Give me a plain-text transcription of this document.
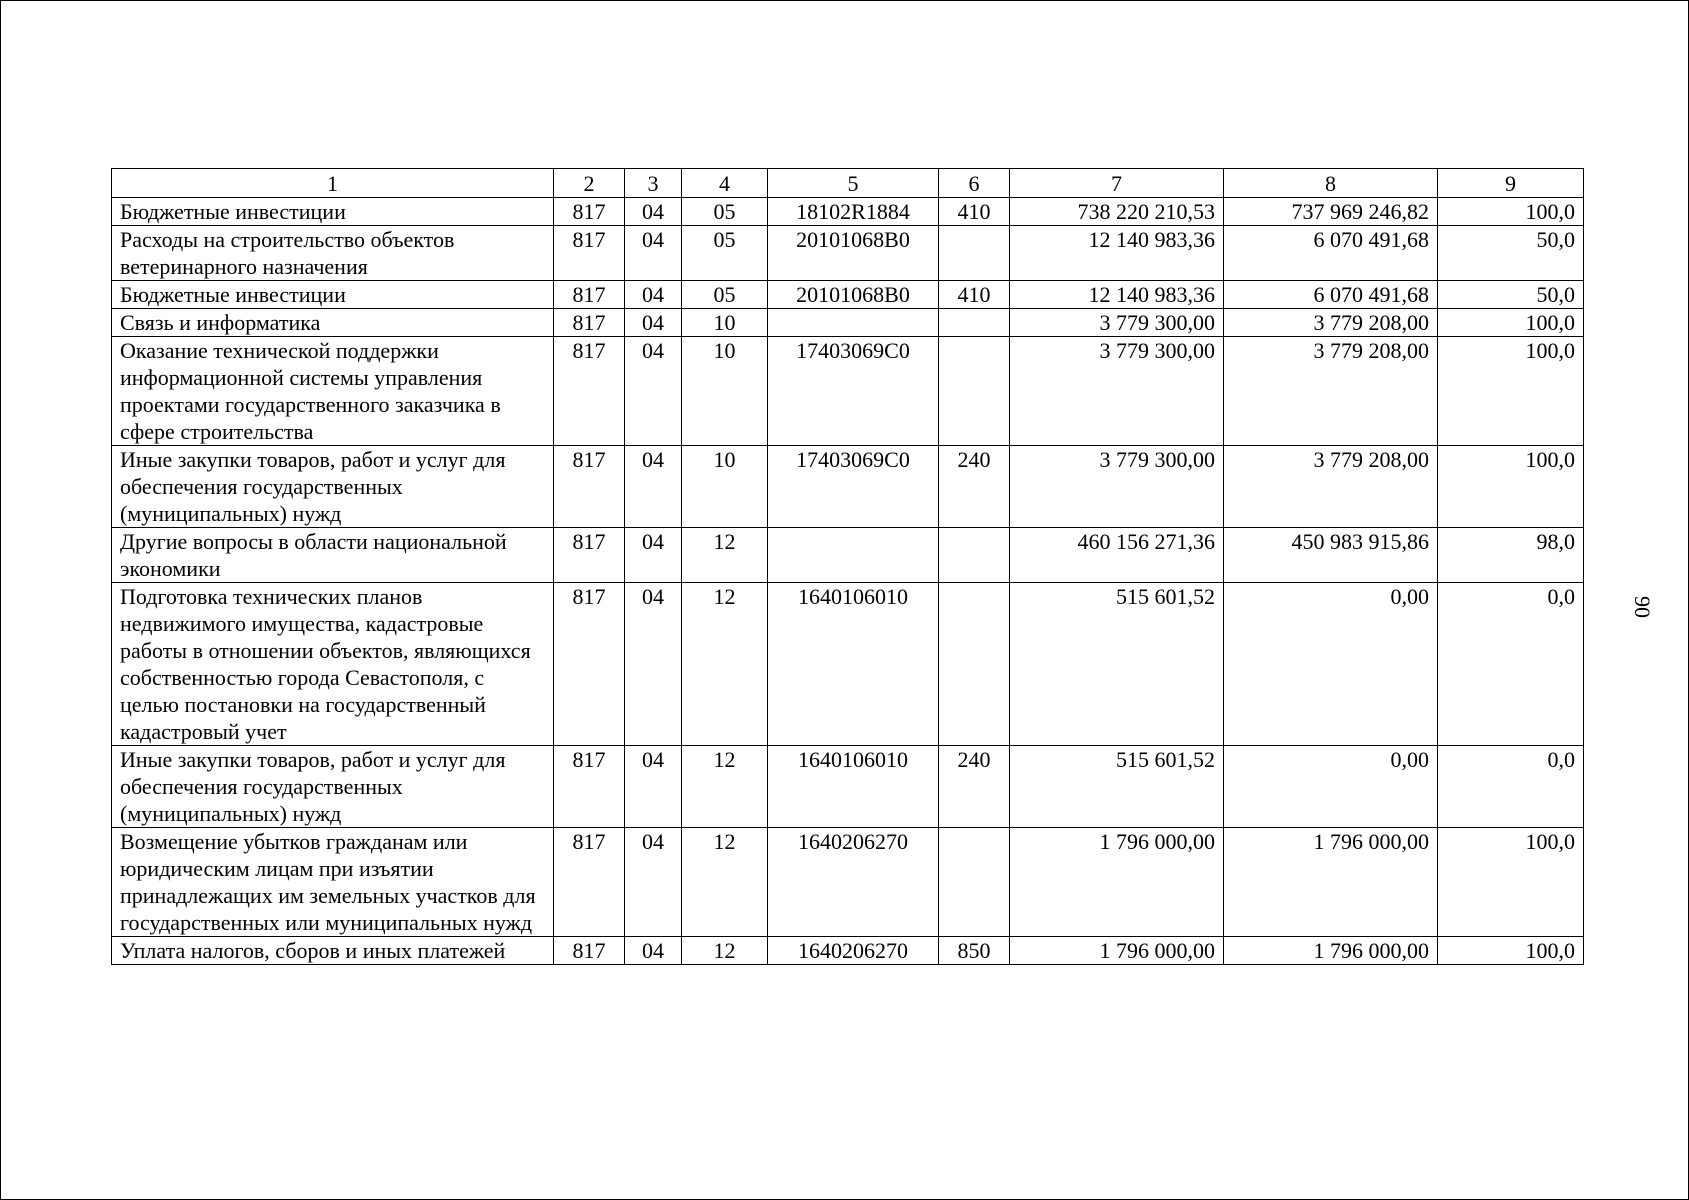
1	2	3	4	5	6	7	8	9
Бюджетные инвестиции	817	04	05	18102R1884	410	738 220 210,53	737 969 246,82	100,0
Расходы на строительство объектов ветеринарного назначения	817	04	05	20101068В0		12 140 983,36	6 070 491,68	50,0
Бюджетные инвестиции	817	04	05	20101068В0	410	12 140 983,36	6 070 491,68	50,0
Связь и информатика	817	04	10			3 779 300,00	3 779 208,00	100,0
Оказание технической поддержки информационной системы управления проектами государственного заказчика в сфере строительства	817	04	10	17403069С0		3 779 300,00	3 779 208,00	100,0
Иные закупки товаров, работ и услуг для обеспечения государственных (муниципальных) нужд	817	04	10	17403069С0	240	3 779 300,00	3 779 208,00	100,0
Другие вопросы в области национальной экономики	817	04	12			460 156 271,36	450 983 915,86	98,0
Подготовка технических планов недвижимого имущества, кадастровые работы в отношении объектов, являющихся собственностью города Севастополя, с целью постановки на государственный кадастровый учет	817	04	12	1640106010		515 601,52	0,00	0,0
Иные закупки товаров, работ и услуг для обеспечения государственных (муниципальных) нужд	817	04	12	1640106010	240	515 601,52	0,00	0,0
Возмещение убытков гражданам или юридическим лицам при изъятии принадлежащих им земельных участков для государственных или муниципальных нужд	817	04	12	1640206270		1 796 000,00	1 796 000,00	100,0
Уплата налогов, сборов и иных платежей	817	04	12	1640206270	850	1 796 000,00	1 796 000,00	100,0
90
